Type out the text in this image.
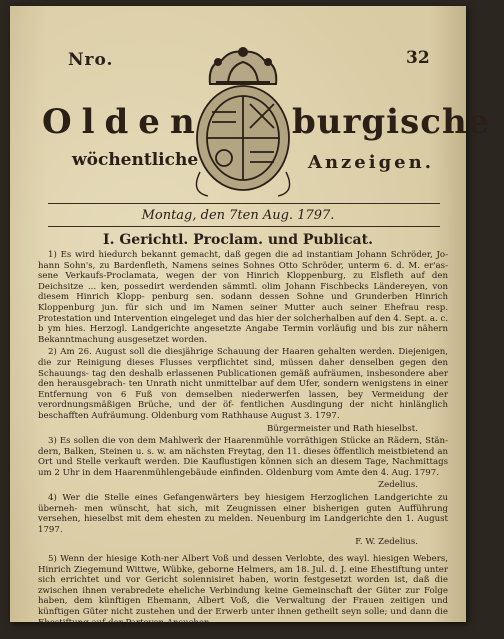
Nro.	32
Olden	burgische
wöchentliche	Anzeigen.
Montag, den 7ten Aug. 1797.
I. Gerichtl. Proclam. und Publicat.

1) Es wird hiedurch bekannt gemacht, daß gegen die ad instantiam Johann Schröder, Jo- hann Sohn's, zu Bardenfleth, Namens seines Sohnes Otto Schröder, unterm 6. d. M. er'as- sene Verkaufs-Proclamata, wegen der von Hinrich Kloppenburg, zu Elsfleth auf den Deichsitze ... ken, possedirt werdenden sämmtl. olim Johann Fischbecks Ländereyen, von diesem Hinrich Klopp- penburg sen. sodann dessen Sohne und Grunderben Hinrich Kloppenburg jun. für sich und im Namen seiner Mutter auch seiner Ehefrau resp. Protestation und Intervention eingeleget und das hier der solcherhalben auf den 4. Sept. a. c. b ym hies. Herzogl. Landgerichte angesetzte Angabe Termin vorläufig und bis zur nähern Bekanntmachung ausgesetzet worden.

2) Am 26. August soll die diesjährige Schauung der Haaren gehalten werden. Diejenigen, die zur Reinigung dieses Flusses verpflichtet sind, müssen daher denselben gegen den Schauungs- tag den deshalb erlassenen Publicationen gemäß aufräumen, insbesondere aber den herausgebrach- ten Unrath nicht unmittelbar auf dem Ufer, sondern wenigstens in einer Entfernung von 6 Fuß von demselben niederwerfen lassen, bey Vermeidung der verordnungsmäßigen Brüche, und der öf- fentlichen Ausdingung der nicht hinlänglich beschafften Aufräumung. Oldenburg vom Rathhause August 3. 1797.

Bürgermeister und Rath hieselbst.

3) Es sollen die von dem Mahlwerk der Haarenmühle vorräthigen Stücke an Rädern, Stän- dern, Balken, Steinen u. s. w. am nächsten Freytag, den 11. dieses öffentlich meistbietend an Ort und Stelle verkauft werden. Die Kauflustigen können sich an diesem Tage, Nachmittags um 2 Uhr in dem Haarenmühlengebäude einfinden. Oldenburg vom Amte den 4. Aug. 1797.

Zedelius.

4) Wer die Stelle eines Gefangenwärters bey hiesigem Herzoglichen Landgerichte zu überneh- men wünscht, hat sich, mit Zeugnissen einer bisherigen guten Aufführung versehen, hieselbst mit dem ehesten zu melden. Neuenburg im Landgerichte den 1. August 1797.

F. W. Zedelius.

5) Wenn der hiesige Koth-ner Albert Voß und dessen Verlobte, des wayl. hiesigen Webers, Hinrich Ziegemund Wittwe, Wübke, geborne Helmers, am 18. Jul. d. J. eine Ehestiftung unter sich errichtet und vor Gericht solennisiret haben, worin festgesetzt worden ist, daß die zwischen ihnen verabredete eheliche Verbindung keine Gemeinschaft der Güter zur Folge haben, dem künftigen Ehemann, Albert Voß, die Verwaltung der Frauen zeitigen und künftigen Güter nicht zustehen und der Erwerb unter ihnen getheilt seyn solle; und dann die Ehestiftung auf der Parteyen Ansuchen
